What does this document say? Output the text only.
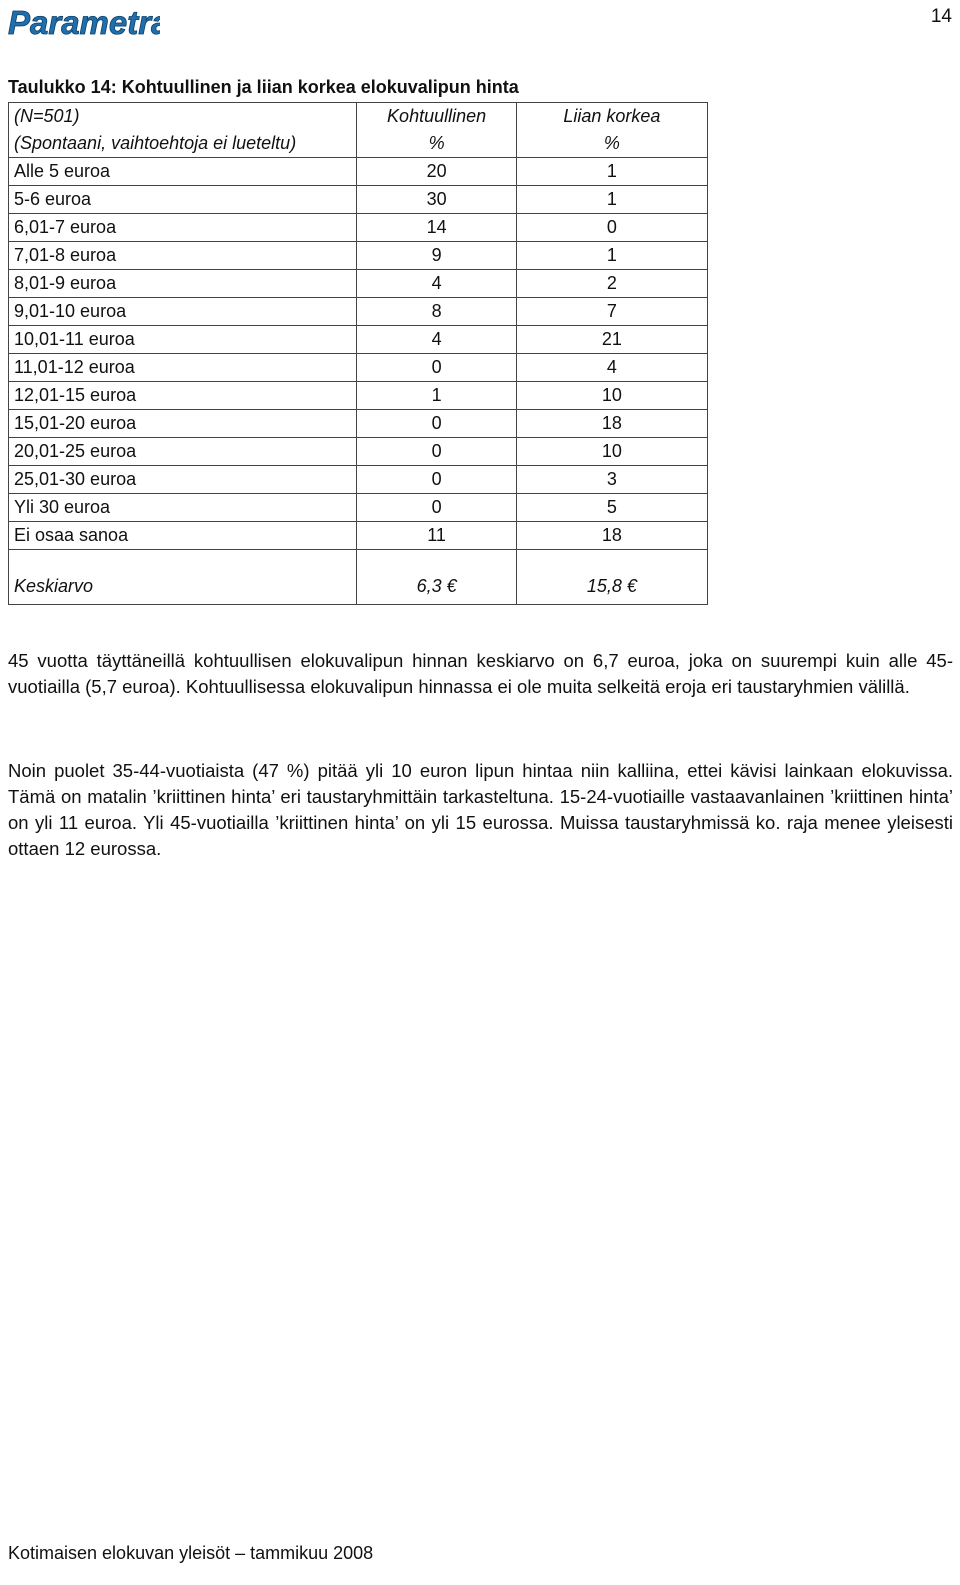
Parametra	14
Taulukko 14: Kohtuullinen ja liian korkea elokuvalipun hinta
(N=501)	Kohtuullinen	Liian korkea
(Spontaani, vaihtoehtoja ei lueteltu)	%	%
Alle 5 euroa	20	1
5-6 euroa	30	1
6,01-7 euroa	14	0
7,01-8 euroa	9	1
8,01-9 euroa	4	2
9,01-10 euroa	8	7
10,01-11 euroa	4	21
11,01-12 euroa	0	4
12,01-15 euroa	1	10
15,01-20 euroa	0	18
20,01-25 euroa	0	10
25,01-30 euroa	0	3
Yli 30 euroa	0	5
Ei osaa sanoa	11	18

Keskiarvo	6,3 €	15,8 €

45 vuotta täyttäneillä kohtuullisen elokuvalipun hinnan keskiarvo on 6,7 euroa, joka on suurempi kuin alle 45-vuotiailla (5,7 euroa). Kohtuullisessa elokuvalipun hinnassa ei ole muita selkeitä eroja eri taustaryhmien välillä.

Noin puolet 35-44-vuotiaista (47 %) pitää yli 10 euron lipun hintaa niin kalliina, ettei kävisi lainkaan elokuvissa. Tämä on matalin ’kriittinen hinta’ eri taustaryhmittäin tarkasteltuna. 15-24-vuotiaille vastaavanlainen ’kriittinen hinta’ on yli 11 euroa. Yli 45-vuotiailla ’kriittinen hinta’ on yli 15 eurossa. Muissa taustaryhmissä ko. raja menee yleisesti ottaen 12 eurossa.

Kotimaisen elokuvan yleisöt – tammikuu 2008
